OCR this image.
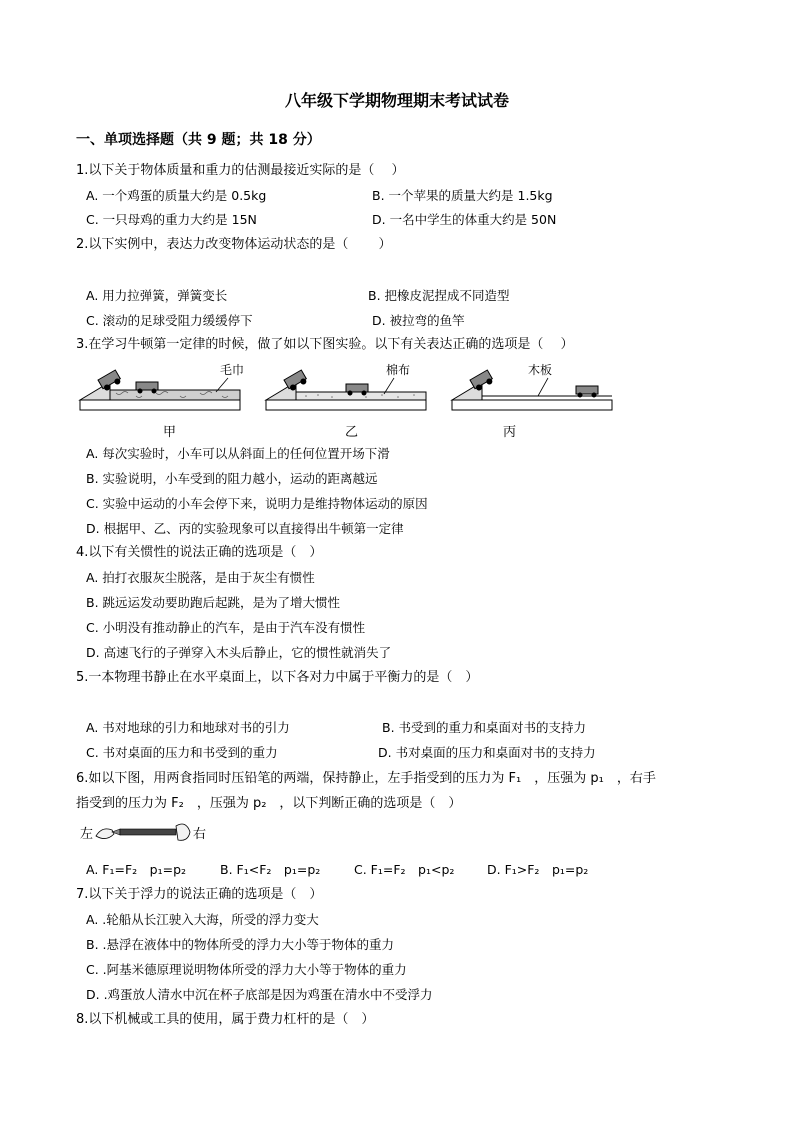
八年级下学期物理期末考试试卷
一、单项选择题（共 9 题；共 18 分）
1.以下关于物体质量和重力的估测最接近实际的是（　 ）
A. 一个鸡蛋的质量大约是 0.5kg	B. 一个苹果的质量大约是 1.5kg
C. 一只母鸡的重力大约是 15N	D. 一名中学生的体重大约是 50N
2.以下实例中，表达力改变物体运动状态的是（　　 ）
A. 用力拉弹簧，弹簧变长	B. 把橡皮泥捏成不同造型
C. 滚动的足球受阻力缓缓停下	D. 被拉弯的鱼竿
3.在学习牛顿第一定律的时候，做了如以下图实验。以下有关表达正确的选项是（　 ）
毛巾	棉布	木板
甲	乙	丙
A. 每次实验时，小车可以从斜面上的任何位置开场下滑
B. 实验说明，小车受到的阻力越小，运动的距离越远
C. 实验中运动的小车会停下来，说明力是维持物体运动的原因
D. 根据甲、乙、丙的实验现象可以直接得出牛顿第一定律
4.以下有关惯性的说法正确的选项是（　）
A. 拍打衣服灰尘脱落，是由于灰尘有惯性
B. 跳远运发动要助跑后起跳，是为了增大惯性
C. 小明没有推动静止的汽车，是由于汽车没有惯性
D. 高速飞行的子弹穿入木头后静止，它的惯性就消失了
5.一本物理书静止在水平桌面上，以下各对力中属于平衡力的是（　）
A. 书对地球的引力和地球对书的引力	B. 书受到的重力和桌面对书的支持力
C. 书对桌面的压力和书受到的重力	D. 书对桌面的压力和桌面对书的支持力
6.如以下图，用两食指同时压铅笔的两端，保持静止，左手指受到的压力为 F₁　，压强为 p₁　，右手
指受到的压力为 F₂　，压强为 p₂　，以下判断正确的选项是（　）
左	右
A. F₁=F₂　p₁=p₂	B. F₁<F₂　p₁=p₂	C. F₁=F₂　p₁<p₂	D. F₁>F₂　p₁=p₂
7.以下关于浮力的说法正确的选项是（　）
A. .轮船从长江驶入大海，所受的浮力变大
B. .悬浮在液体中的物体所受的浮力大小等于物体的重力
C. .阿基米德原理说明物体所受的浮力大小等于物体的重力
D. .鸡蛋放人清水中沉在杯子底部是因为鸡蛋在清水中不受浮力
8.以下机械或工具的使用，属于费力杠杆的是（　）
